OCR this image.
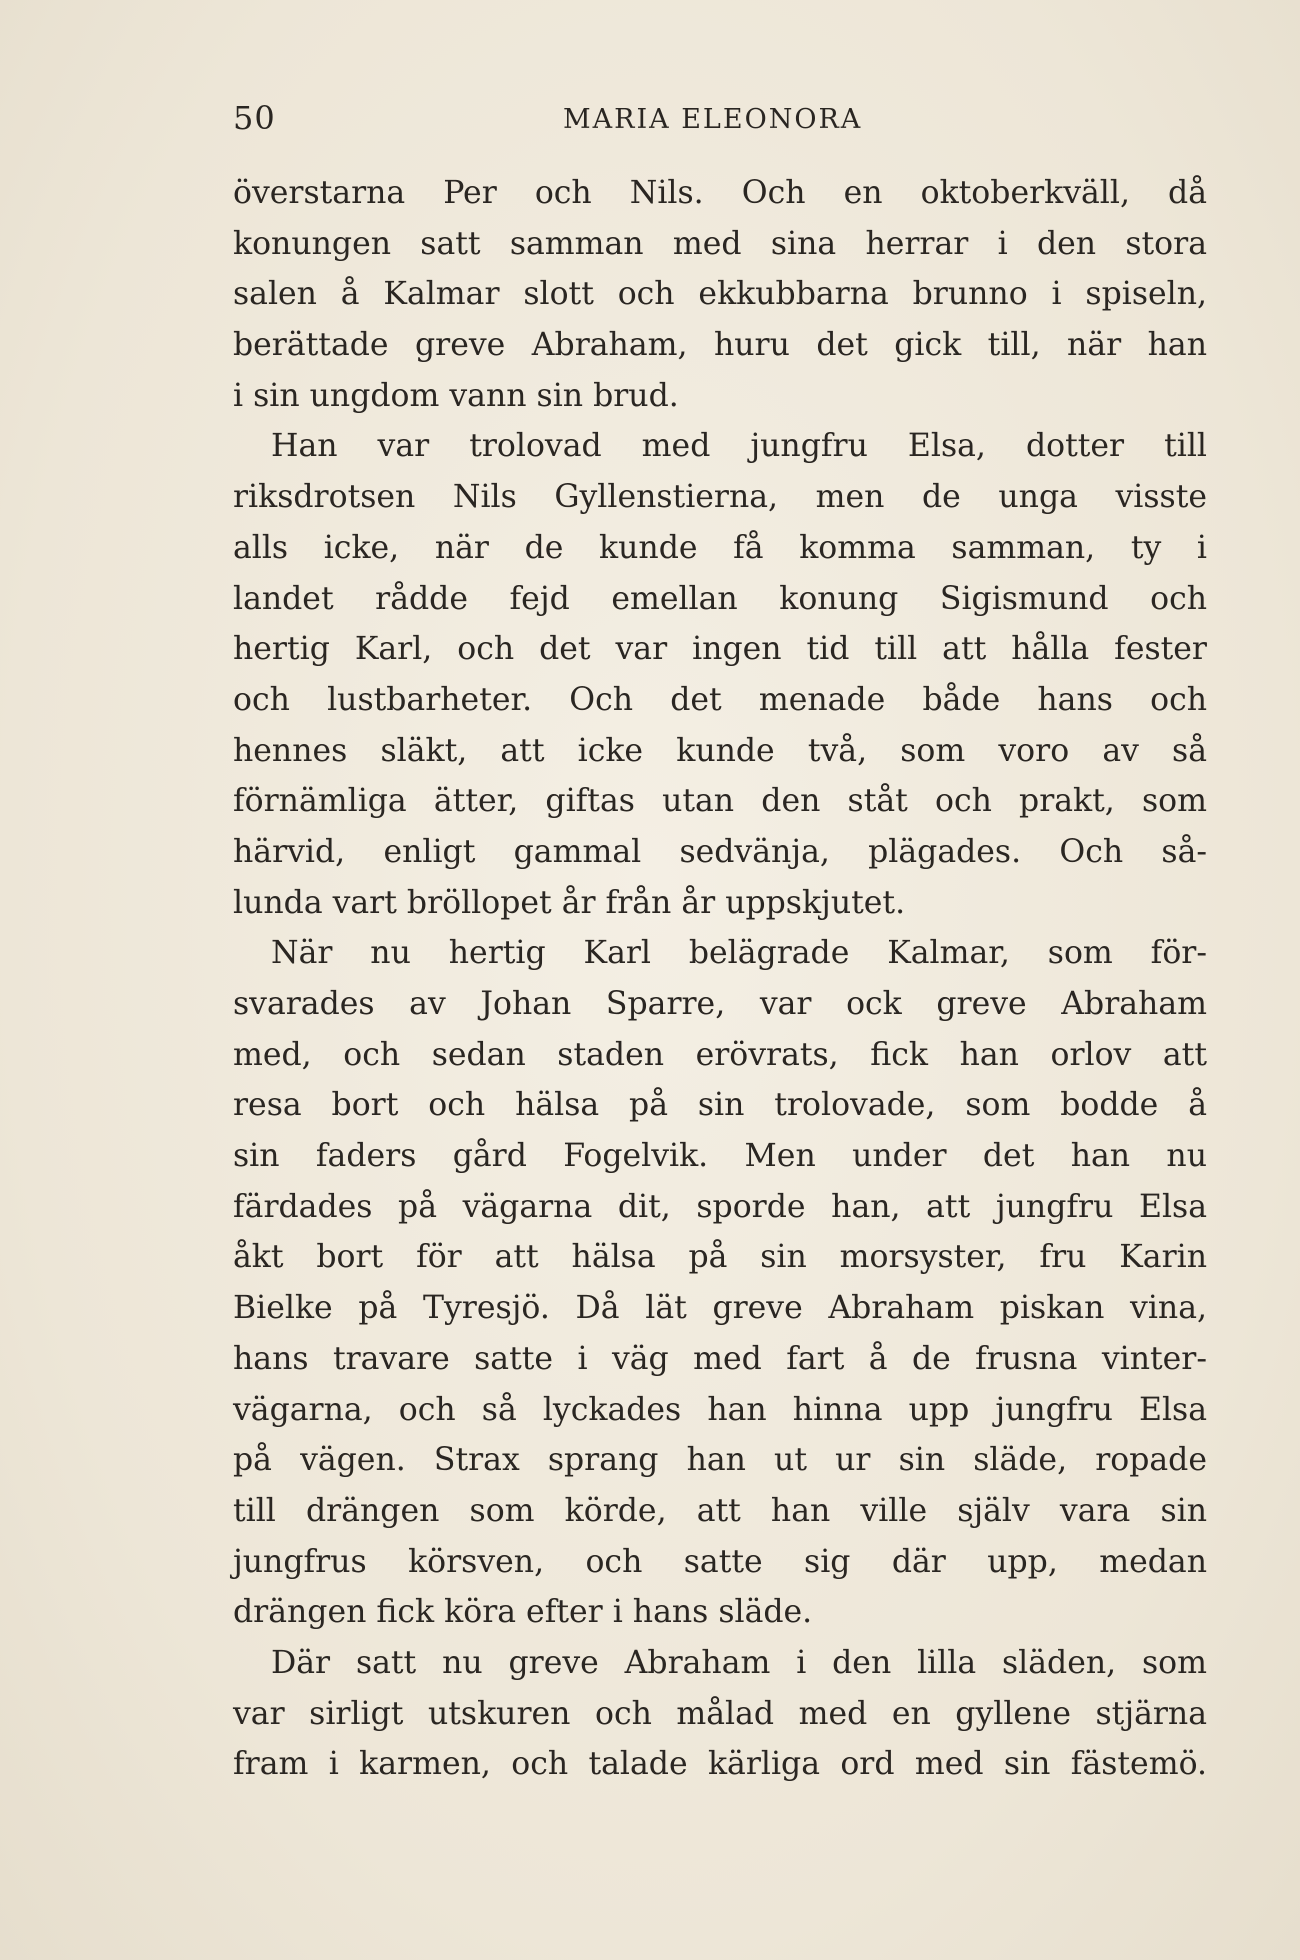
50	MARIA ELEONORA
överstarna Per och Nils. Och en oktoberkväll, då
konungen satt samman med sina herrar i den stora
salen å Kalmar slott och ekkubbarna brunno i spiseln,
berättade greve Abraham, huru det gick till, när han
i sin ungdom vann sin brud.
Han var trolovad med jungfru Elsa, dotter till
riksdrotsen Nils Gyllenstierna, men de unga visste
alls icke, när de kunde få komma samman, ty i
landet rådde fejd emellan konung Sigismund och
hertig Karl, och det var ingen tid till att hålla fester
och lustbarheter. Och det menade både hans och
hennes släkt, att icke kunde två, som voro av så
förnämliga ätter, giftas utan den ståt och prakt, som
härvid, enligt gammal sedvänja, plägades. Och så-
lunda vart bröllopet år från år uppskjutet.
När nu hertig Karl belägrade Kalmar, som för-
svarades av Johan Sparre, var ock greve Abraham
med, och sedan staden erövrats, fick han orlov att
resa bort och hälsa på sin trolovade, som bodde å
sin faders gård Fogelvik. Men under det han nu
färdades på vägarna dit, sporde han, att jungfru Elsa
åkt bort för att hälsa på sin morsyster, fru Karin
Bielke på Tyresjö. Då lät greve Abraham piskan vina,
hans travare satte i väg med fart å de frusna vinter-
vägarna, och så lyckades han hinna upp jungfru Elsa
på vägen. Strax sprang han ut ur sin släde, ropade
till drängen som körde, att han ville själv vara sin
jungfrus körsven, och satte sig där upp, medan
drängen fick köra efter i hans släde.
Där satt nu greve Abraham i den lilla släden, som
var sirligt utskuren och målad med en gyllene stjärna
fram i karmen, och talade kärliga ord med sin fästemö.
